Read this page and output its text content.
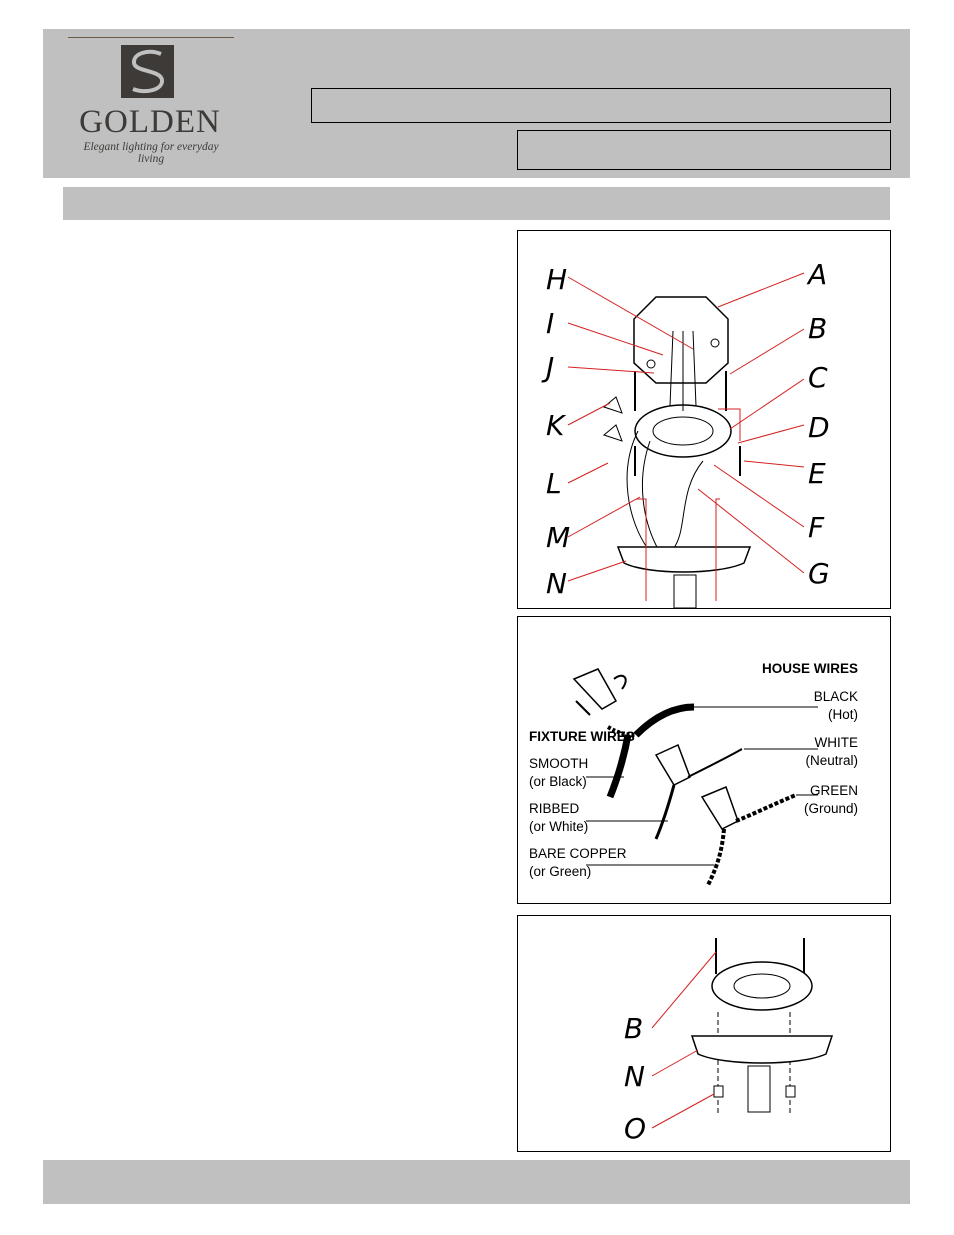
GOLDEN
Elegant lighting for everyday living
A
B
C
D
E
F
G
H
I
J
K
L
M
N
HOUSE WIRES
BLACK
(Hot)
WHITE
(Neutral)
GREEN
(Ground)
FIXTURE WIRES
SMOOTH
(or Black)
RIBBED
(or White)
BARE COPPER
(or Green)
B
N
O
